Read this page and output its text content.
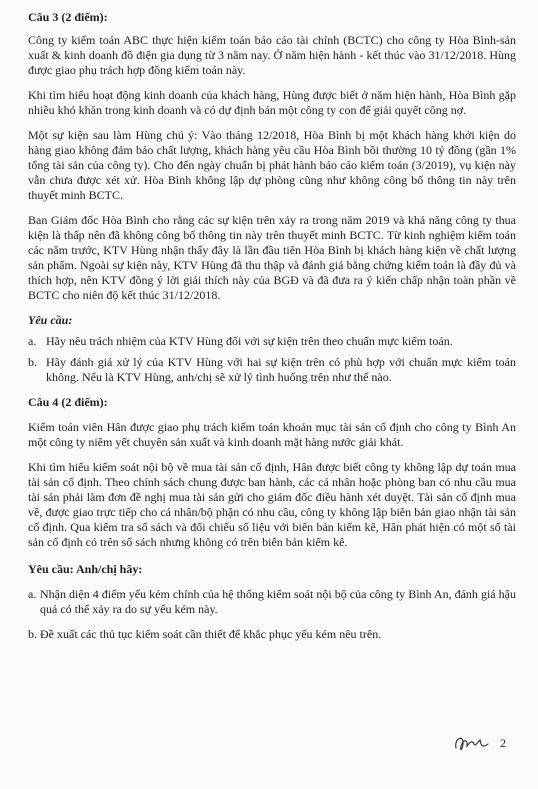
Câu 3 (2 điểm):

Công ty kiểm toán ABC thực hiện kiểm toán báo cáo tài chính (BCTC) cho công ty Hòa Bình-sản xuất & kinh doanh đồ điện gia dụng từ 3 năm nay. Ở năm hiện hành - kết thúc vào 31/12/2018. Hùng được giao phụ trách hợp đồng kiểm toán này.

Khi tìm hiểu hoạt động kinh doanh của khách hàng, Hùng được biết ở năm hiện hành, Hòa Bình gặp nhiều khó khăn trong kinh doanh và có dự định bán một công ty con để giải quyết công nợ.

Một sự kiện sau làm Hùng chú ý: Vào tháng 12/2018, Hòa Bình bị một khách hàng khởi kiện do hàng giao không đảm bảo chất lượng, khách hàng yêu cầu Hòa Bình bồi thường 10 tỷ đồng (gần 1% tổng tài sản của công ty). Cho đến ngày chuẩn bị phát hành báo cáo kiểm toán (3/2019), vụ kiện này vẫn chưa được xét xử. Hòa Bình không lập dự phòng cũng như không công bố thông tin này trên thuyết minh BCTC.

Ban Giám đốc Hòa Bình cho rằng các sự kiện trên xảy ra trong năm 2019 và khả năng công ty thua kiện là thấp nên đã không công bố thông tin này trên thuyết minh BCTC. Từ kinh nghiệm kiểm toán các năm trước, KTV Hùng nhận thấy đây là lần đầu tiên Hòa Bình bị khách hàng kiện về chất lượng sản phẩm. Ngoài sự kiện này, KTV Hùng đã thu thập và đánh giá bằng chứng kiểm toán là đầy đủ và thích hợp, nên KTV đồng ý lời giải thích này của BGĐ và đã đưa ra ý kiến chấp nhận toàn phần về BCTC cho niên độ kết thúc 31/12/2018.

Yêu cầu:

a. Hãy nêu trách nhiệm của KTV Hùng đối với sự kiện trên theo chuẩn mực kiểm toán.
b. Hãy đánh giá xử lý của KTV Hùng với hai sự kiện trên có phù hợp với chuẩn mực kiểm toán không. Nếu là KTV Hùng, anh/chị sẽ xử lý tình huống trên như thế nào.

Câu 4 (2 điểm):

Kiểm toán viên Hân được giao phụ trách kiểm toán khoản mục tài sản cố định cho công ty Bình An một công ty niêm yết chuyên sản xuất và kinh doanh mặt hàng nước giải khát.

Khi tìm hiểu kiểm soát nội bộ về mua tài sản cố định, Hân được biết công ty không lập dự toán mua tài sản cố định. Theo chính sách chung được ban hành, các cá nhân hoặc phòng ban có nhu cầu mua tài sản phải làm đơn đề nghị mua tài sản gửi cho giám đốc điều hành xét duyệt. Tài sản cố định mua về, được giao trực tiếp cho cá nhân/bộ phận có nhu cầu, công ty không lập biên bản giao nhận tài sản cố định. Qua kiểm tra sổ sách và đối chiếu số liệu với biên bản kiểm kê, Hân phát hiện có một số tài sản cố định có trên sổ sách nhưng không có trên biên bản kiểm kê.

Yêu cầu: Anh/chị hãy:

a. Nhận diện 4 điểm yếu kém chính của hệ thống kiểm soát nội bộ của công ty Bình An, đánh giá hậu quả có thể xảy ra do sự yếu kém này.
b. Đề xuất các thủ tục kiểm soát cần thiết để khắc phục yếu kém nêu trên.
2
